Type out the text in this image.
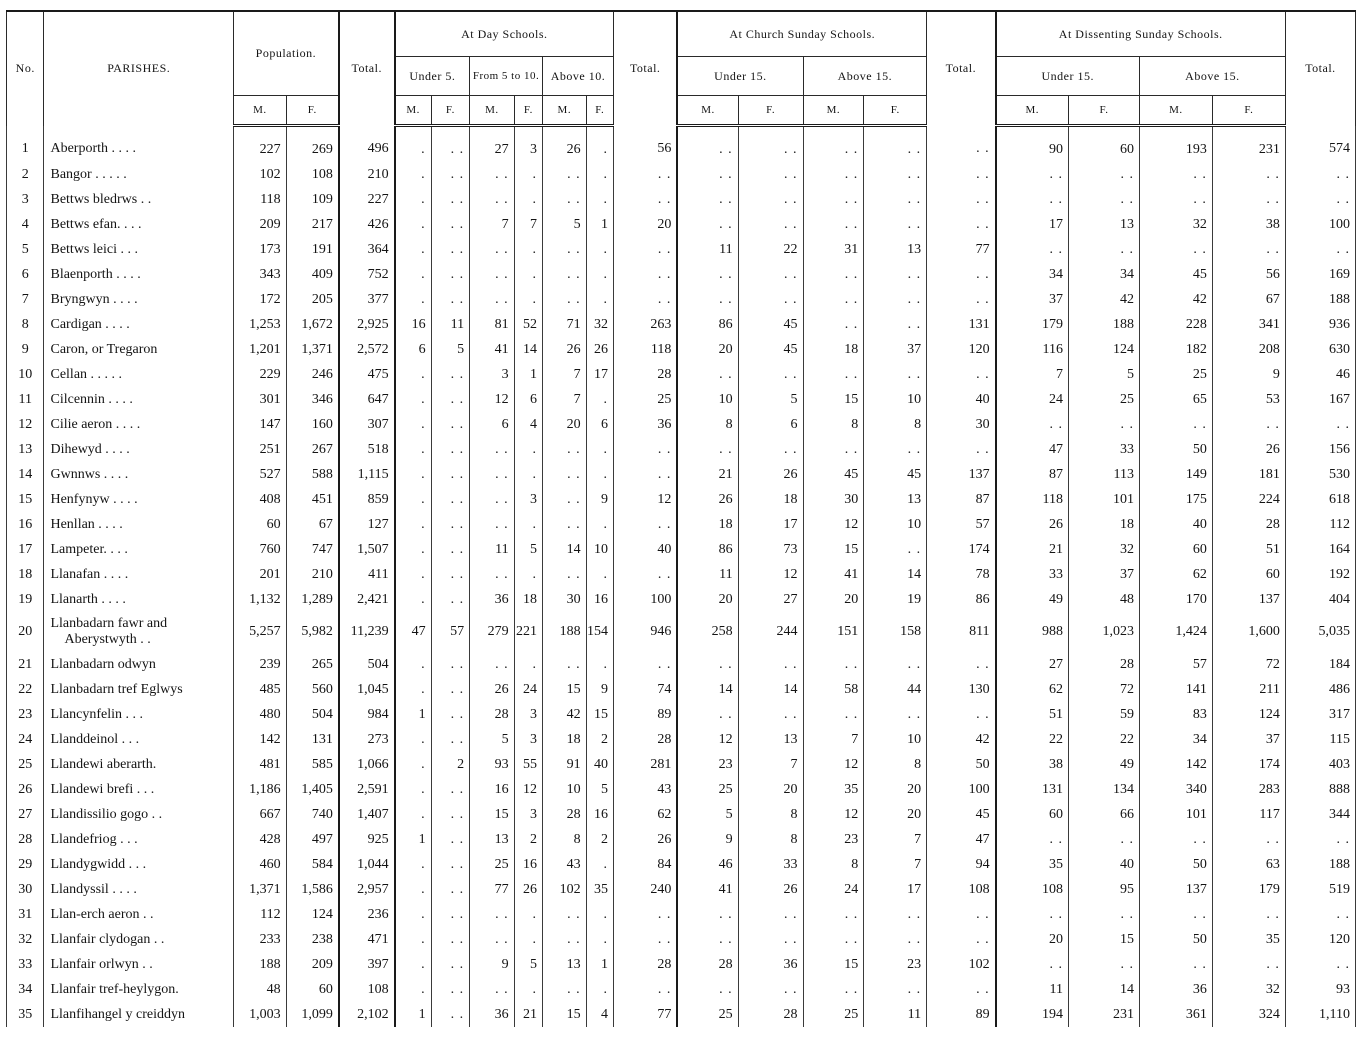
No.	PARISHES.	Population.		Total.	At Day Schools.						Total.	At Church Sunday Schools.				Total.	At Dissenting Sunday Schools.				Total.
					Under 5.		From 5 to 10.		Above 10.			Under 15.		Above 15.			Under 15.		Above 15.		
		M.	F.		M.	F.	M.	F.	M.	F.		M.	F.	M.	F.		M.	F.	M.	F.	
1	Aberporth . . . .	227	269	496	.	. .	27	3	26	.	56	. .	. .	. .	. .	. .	90	60	193	231	574
2	Bangor . . . . .	102	108	210	.	. .	. .	.	. .	.	. .	. .	. .	. .	. .	. .	. .	. .	. .	. .	. .
3	Bettws bledrws . .	118	109	227	.	. .	. .	.	. .	.	. .	. .	. .	. .	. .	. .	. .	. .	. .	. .	. .
4	Bettws efan. . . .	209	217	426	.	. .	7	7	5	1	20	. .	. .	. .	. .	. .	17	13	32	38	100
5	Bettws leici . . .	173	191	364	.	. .	. .	.	. .	.	. .	11	22	31	13	77	. .	. .	. .	. .	. .
6	Blaenporth . . . .	343	409	752	.	. .	. .	.	. .	.	. .	. .	. .	. .	. .	. .	34	34	45	56	169
7	Bryngwyn . . . .	172	205	377	.	. .	. .	.	. .	.	. .	. .	. .	. .	. .	. .	37	42	42	67	188
8	Cardigan . . . .	1,253	1,672	2,925	16	11	81	52	71	32	263	86	45	. .	. .	131	179	188	228	341	936
9	Caron, or Tregaron	1,201	1,371	2,572	6	5	41	14	26	26	118	20	45	18	37	120	116	124	182	208	630
10	Cellan . . . . .	229	246	475	.	. .	3	1	7	17	28	. .	. .	. .	. .	. .	7	5	25	9	46
11	Cilcennin . . . .	301	346	647	.	. .	12	6	7	.	25	10	5	15	10	40	24	25	65	53	167
12	Cilie aeron . . . .	147	160	307	.	. .	6	4	20	6	36	8	6	8	8	30	. .	. .	. .	. .	. .
13	Dihewyd . . . .	251	267	518	.	. .	. .	.	. .	.	. .	. .	. .	. .	. .	. .	47	33	50	26	156
14	Gwnnws . . . .	527	588	1,115	.	. .	. .	.	. .	.	. .	21	26	45	45	137	87	113	149	181	530
15	Henfynyw . . . .	408	451	859	.	. .	. .	3	. .	9	12	26	18	30	13	87	118	101	175	224	618
16	Henllan . . . .	60	67	127	.	. .	. .	.	. .	.	. .	18	17	12	10	57	26	18	40	28	112
17	Lampeter. . . .	760	747	1,507	.	. .	11	5	14	10	40	86	73	15	. .	174	21	32	60	51	164
18	Llanafan . . . .	201	210	411	.	. .	. .	.	. .	.	. .	11	12	41	14	78	33	37	62	60	192
19	Llanarth . . . .	1,132	1,289	2,421	.	. .	36	18	30	16	100	20	27	20	19	86	49	48	170	137	404
20	Llanbadarn fawr and
Aberystwyth . .	5,257	5,982	11,239	47	57	279	221	188	154	946	258	244	151	158	811	988	1,023	1,424	1,600	5,035
21	Llanbadarn odwyn	239	265	504	.	. .	. .	.	. .	.	. .	. .	. .	. .	. .	. .	27	28	57	72	184
22	Llanbadarn tref Eglwys	485	560	1,045	.	. .	26	24	15	9	74	14	14	58	44	130	62	72	141	211	486
23	Llancynfelin . . .	480	504	984	1	. .	28	3	42	15	89	. .	. .	. .	. .	. .	51	59	83	124	317
24	Llanddeinol . . .	142	131	273	.	. .	5	3	18	2	28	12	13	7	10	42	22	22	34	37	115
25	Llandewi aberarth.	481	585	1,066	.	2	93	55	91	40	281	23	7	12	8	50	38	49	142	174	403
26	Llandewi brefi . . .	1,186	1,405	2,591	.	. .	16	12	10	5	43	25	20	35	20	100	131	134	340	283	888
27	Llandissilio gogo . .	667	740	1,407	.	. .	15	3	28	16	62	5	8	12	20	45	60	66	101	117	344
28	Llandefriog . . .	428	497	925	1	. .	13	2	8	2	26	9	8	23	7	47	. .	. .	. .	. .	. .
29	Llandygwidd . . .	460	584	1,044	.	. .	25	16	43	.	84	46	33	8	7	94	35	40	50	63	188
30	Llandyssil . . . .	1,371	1,586	2,957	.	. .	77	26	102	35	240	41	26	24	17	108	108	95	137	179	519
31	Llan-erch aeron . .	112	124	236	.	. .	. .	.	. .	.	. .	. .	. .	. .	. .	. .	. .	. .	. .	. .	. .
32	Llanfair clydogan . .	233	238	471	.	. .	. .	.	. .	.	. .	. .	. .	. .	. .	. .	20	15	50	35	120
33	Llanfair orlwyn . .	188	209	397	.	. .	9	5	13	1	28	28	36	15	23	102	. .	. .	. .	. .	. .
34	Llanfair tref-heylygon.	48	60	108	.	. .	. .	.	. .	.	. .	. .	. .	. .	. .	. .	11	14	36	32	93
35	Llanfihangel y creiddyn	1,003	1,099	2,102	1	. .	36	21	15	4	77	25	28	25	11	89	194	231	361	324	1,110
